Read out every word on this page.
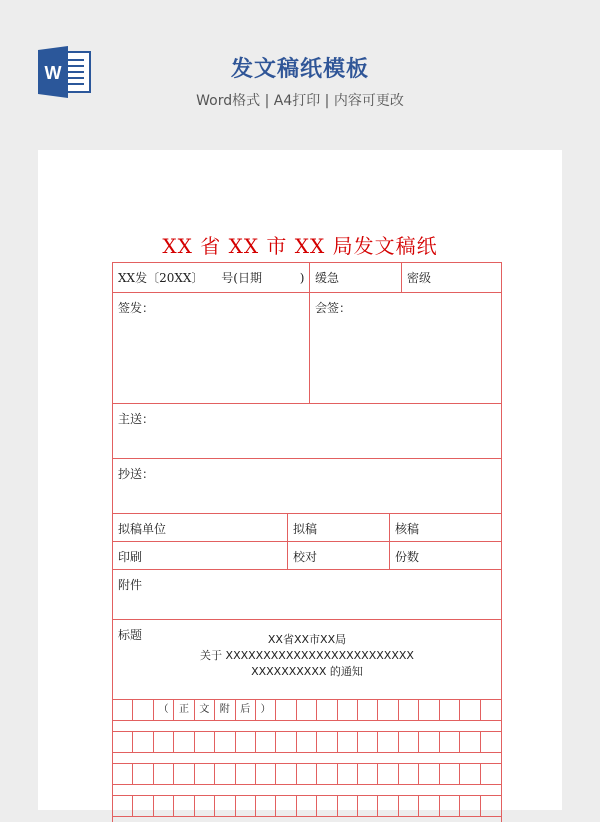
W	发文稿纸模板
Word格式 | A4打印 | 内容可更改
XX 省 XX 市 XX 局发文稿纸
XX发〔20XX〕 号(日期	) 缓急	密级
签发：	会签：
主送：
抄送：
拟稿单位	拟稿	核稿
印刷	校对	份数
附件
标题	XX省XX市XX局
关于 XXXXXXXXXXXXXXXXXXXXXXXXX
XXXXXXXXXX 的通知
（	正	文	附	后	）
